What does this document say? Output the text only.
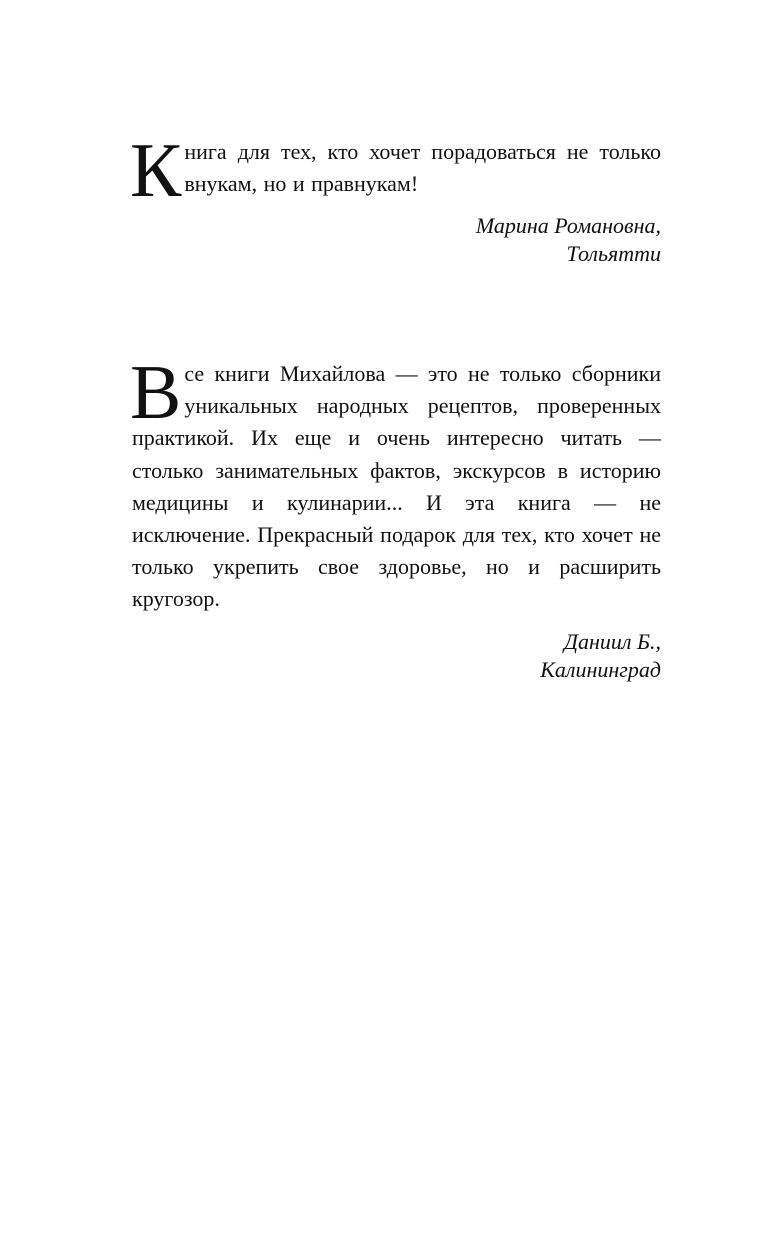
Книга для тех, кто хочет порадоваться не только внукам, но и правнукам!

Марина Романовна,
Тольятти

Все книги Михайлова — это не только сборники уникальных народных рецептов, проверенных практикой. Их еще и очень интересно читать — столько занимательных фактов, экскурсов в историю медицины и кулинарии... И эта книга — не исключение. Прекрасный подарок для тех, кто хочет не только укрепить свое здоровье, но и расширить кругозор.

Даниил Б.,
Калининград
